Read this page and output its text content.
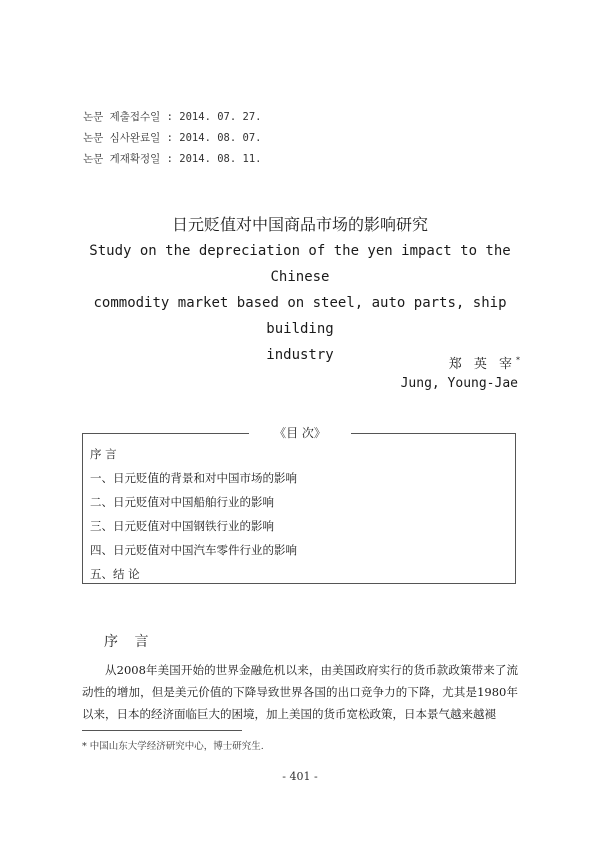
논문 제출접수일 : 2014. 07. 27.
논문 심사완료일 : 2014. 08. 07.
논문 게재확정일 : 2014. 08. 11.
日元贬值对中国商品市场的影响研究
Study on the depreciation of the yen impact to the Chinese
commodity market based on steel, auto parts, ship building
industry
郑 英 宰*
Jung, Young-Jae
《目 次》
序 言
一、日元贬值的背景和对中国市场的影响
二、日元贬值对中国船舶行业的影响
三、日元贬值对中国钢铁行业的影响
四、日元贬值对中国汽车零件行业的影响
五、结 论
序 言
从2008年美国开始的世界金融危机以来，由美国政府实行的货币款政策带来了流动性的增加，但是美元价值的下降导致世界各国的出口竞争力的下降，尤其是1980年以来，日本的经济面临巨大的困境，加上美国的货币宽松政策，日本景气越来越褪
* 中国山东大学经济研究中心，博士研究生.
- 401 -
